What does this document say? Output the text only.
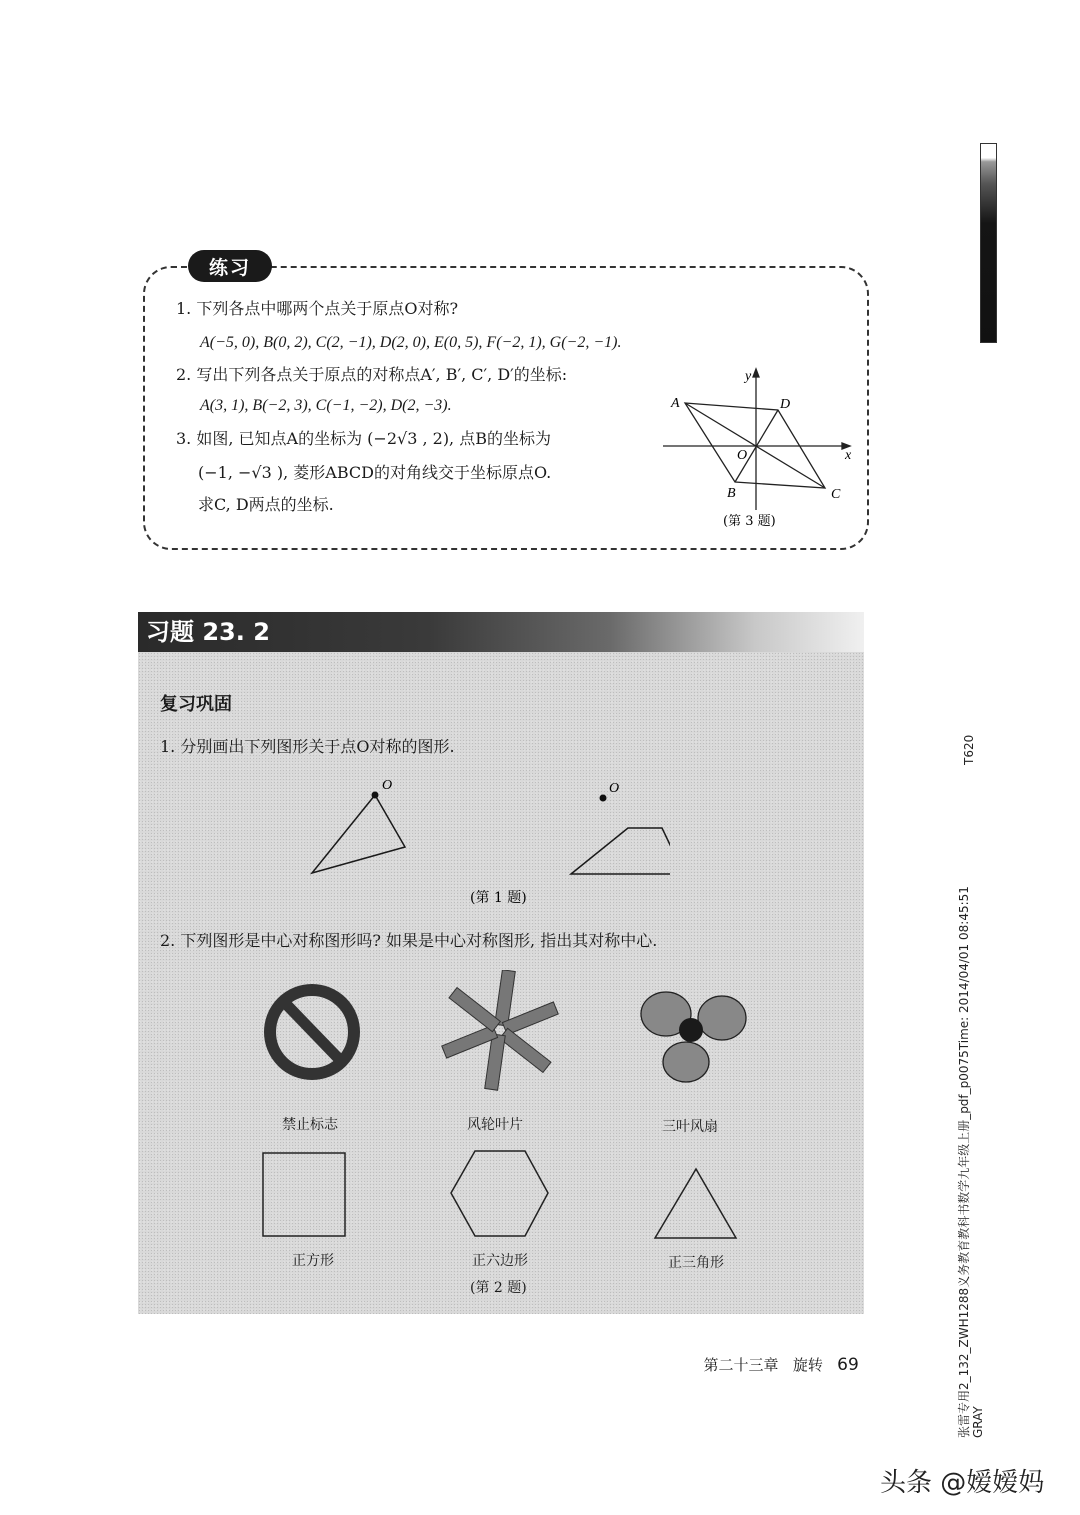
练习
1. 下列各点中哪两个点关于原点O对称?
A(−5, 0), B(0, 2), C(2, −1), D(2, 0), E(0, 5), F(−2, 1), G(−2, −1).
2. 写出下列各点关于原点的对称点A′, B′, C′, D′的坐标:
A(3, 1), B(−2, 3), C(−1, −2), D(2, −3).
3. 如图, 已知点A的坐标为 (−2√3 , 2), 点B的坐标为
(−1, −√3 ), 菱形ABCD的对角线交于坐标原点O.
求C, D两点的坐标.
A	D
O	x
y
B	C
(第 3 题)
习题 23. 2
复习巩固
1. 分别画出下列图形关于点O对称的图形.
O	O
(第 1 题)
2. 下列图形是中心对称图形吗? 如果是中心对称图形, 指出其对称中心.
禁止标志	风轮叶片	三叶风扇
正方形	正六边形	正三角形
(第 2 题)

第二十三章   旋转 69

T620
张雷专用2_132_ZWH1288义务教育教科书数学九年级上册_pdf_p0075Time: 2014/04/01 08:45:51 GRAY
头条 @嫒嫒妈
